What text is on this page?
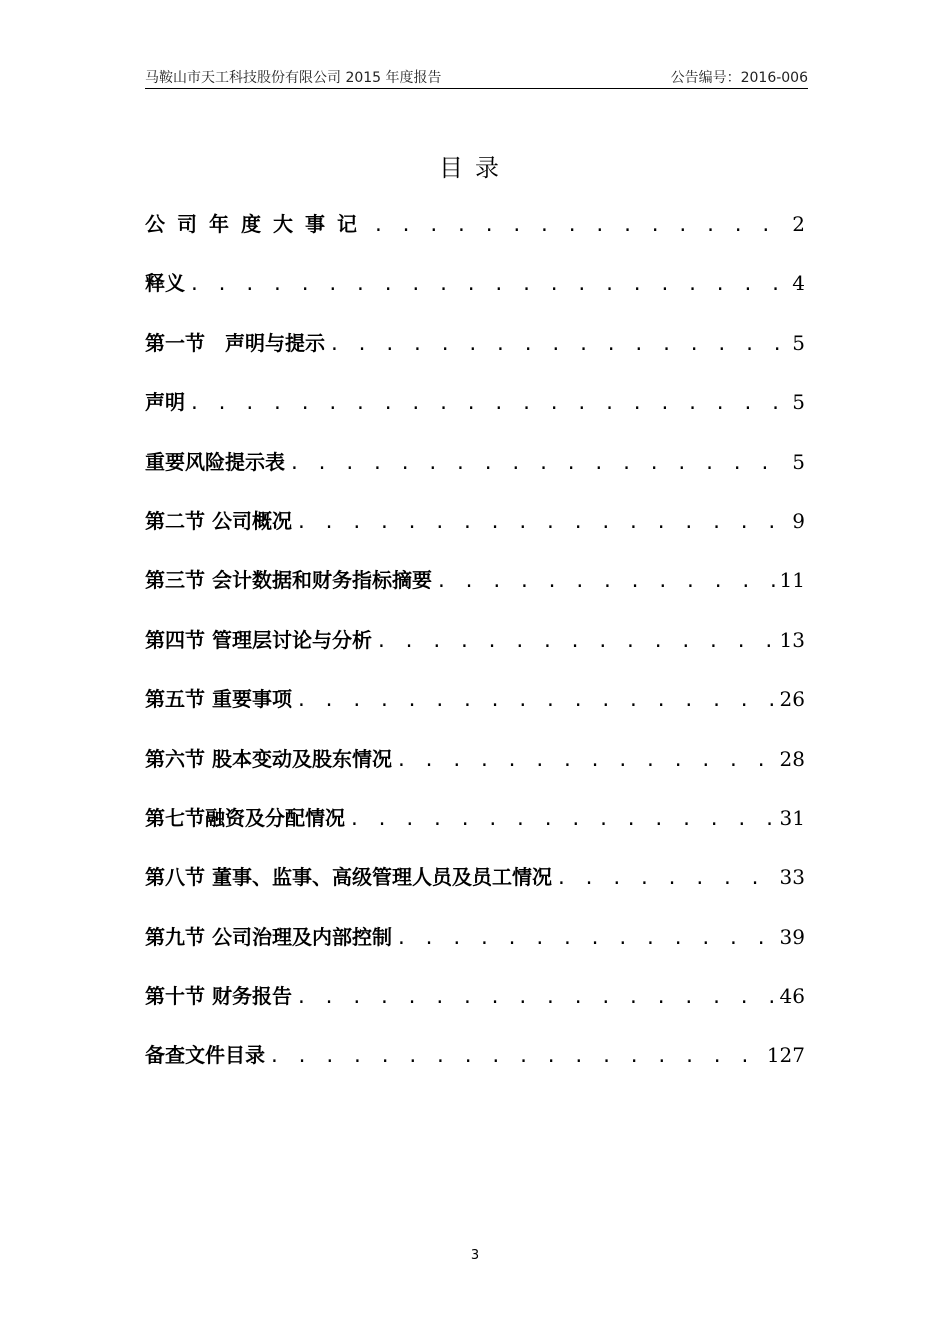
马鞍山市天工科技股份有限公司 2015 年度报告	公告编号：2016-006
目录
公司年度大事记 . . .	2
释义 . . .	4
第一节　声明与提示 . . .	5
声明 . . .	5
重要风险提示表 . . .	5
第二节 公司概况 . . .	9
第三节 会计数据和财务指标摘要 . . .	11
第四节 管理层讨论与分析 . . .	13
第五节 重要事项 . . .	26
第六节 股本变动及股东情况 . . .	28
第七节融资及分配情况 . . .	31
第八节 董事、监事、高级管理人员及员工情况 . . .	33
第九节 公司治理及内部控制 . . .	39
第十节 财务报告 . . .	46
备查文件目录 . . .	127
3
